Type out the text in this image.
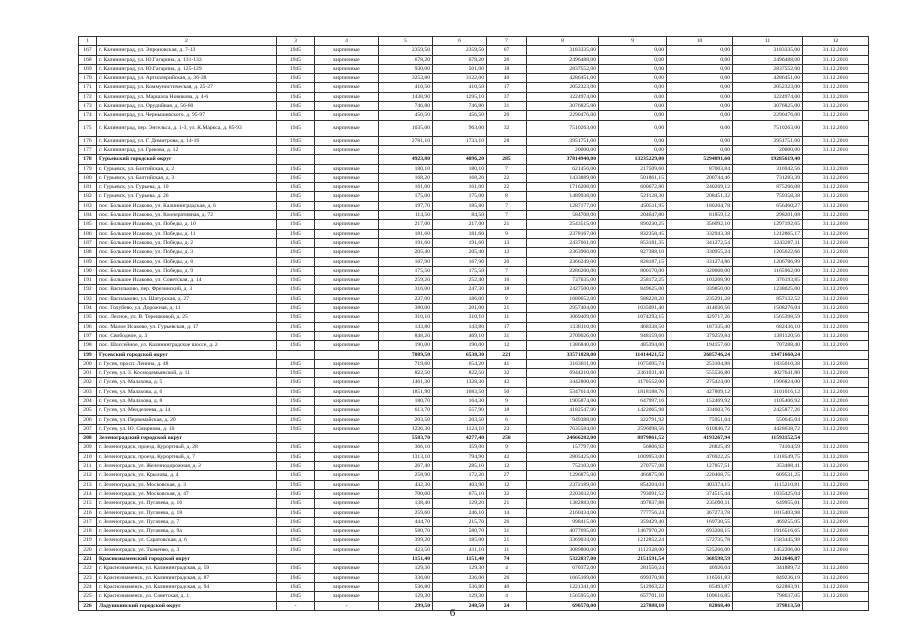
1	2	3	4	5	6	7	8	9	10	11	12
167	г. Калининград, ул. Эпроновская, д. 7-13	1945	кирпичные	2359,50	2359,50	67	3183335,00	0,00	0,00	3183335,00	31.12.2016
168	г. Калининград, ул. Ю.Гагарина, д. 131-133	1945	кирпичные	678,20	678,20	26	2496488,00	0,00	0,00	2496488,00	31.12.2016
169	г. Калининград, ул. Ю.Гагарина, д. 125-129	1945	кирпичные	930,00	501,00	18	2837552,00	0,00	0,00	2837552,00	31.12.2016
170	г. Калининград, ул. Артиллерийская, д. 36-38	1945	кирпичные	3253,80	3122,00	40	4286451,00	0,00	0,00	4286451,00	31.12.2016
171	г. Калининград, ул. Коммунистическая, д. 25-27	1945	кирпичные	410,50	410,50	17	2052323,00	0,00	0,00	2052323,00	31.12.2016
172	г. Калининград, ул. Маршала Новикова, д. 4-6	1945	кирпичные	1438,90	1295,10	37	3224974,00	0,00	0,00	3224974,00	31.12.2016
173	г. Калининград, ул. Орудийная, д. 56-60	1945	кирпичные	746,80	746,80	31	3076825,00	0,00	0,00	3076825,00	31.12.2016
174	г. Калининград, ул. Чернышевского, д. 95-97	1945	кирпичные	456,50	456,50	20	2290476,00	0,00	0,00	2290476,00	31.12.2016
175	г. Калининград, пер. Энгельса, д. 1-3, ул. К.Маркса, д. 85-93	1945	кирпичные	1035,00	963,00	32	7510263,00	0,00	0,00	7510263,00	31.12.2016
176	г. Калининград, ул. Г. Димитрова, д. 14-16	1945	кирпичные	2781,10	1733,10	28	3951751,00	0,00	0,00	3951751,00	31.12.2016
177	г. Калининград, ул. Грекова, д. 12	1945	кирпичные				20000,00	0,00	0,00	20000,00	31.12.2016
178	Гурьевский городской округ			4923,80	4096,20	285	37814940,00	13235229,00	5294091,60	19285619,40	
179	г. Гурьевск, ул. Балтийская, д. 2	1945	кирпичные	180,10	180,10	7	621456,00	217509,60	87003,84	316942,56	31.12.2016
180	г. Гурьевск, ул. Балтийская, д. 3	1945	кирпичные	168,20	168,20	22	1433889,00	501861,15	200744,46	731283,39	31.12.2016
181	г. Гурьевск, ул. Гурьева, д. 10	1945	кирпичные	161,00	161,00	22	1716208,00	600672,80	240269,12	875266,08	31.12.2016
182	г. Гурьевск, ул. Гурьева, д. 26	1945	кирпичные	175,00	175,00	8	1489938,00	521128,30	208451,32	759358,38	31.12.2016
183	пос. Большое Исаково, ул. Калининградская, д. 6	1945	кирпичные	197,70	185,80	7	1287177,00	450511,95	180204,78	656460,27	31.12.2016
184	пос. Большое Исаково, ул. Кооперативная, д. 72	1945	кирпичные	114,50	84,50	7	584708,00	204647,80	81859,12	298201,08	31.12.2016
185	пос. Большое Исаково, ул. Победы, д. 10	1945	кирпичные	217,00	217,00	21	2543515,00	890230,25	356092,10	1297192,65	31.12.2016
186	пос. Большое Исаково, ул. Победы, д. 11	1945	кирпичные	181,60	181,60	9	2378167,00	832358,45	332943,38	1212865,17	31.12.2016
187	пос. Большое Исаково, ул. Победы, д. 2	1945	кирпичные	191,60	191,60	13	2437661,00	853181,35	341272,54	1243207,11	31.12.2016
188	пос. Большое Исаково, ул. Победы, д. 3	1945	кирпичные	205,40	205,40	12	2363966,00	827388,10	330955,24	1205622,66	31.12.2016
189	пос. Большое Исаково, ул. Победы, д. 8	1945	кирпичные	167,90	167,90	20	2366249,00	828187,15	331274,86	1206786,99	31.12.2016
190	пос. Большое Исаково, ул. Победы, д. 9	1945	кирпичные	175,50	175,50	7	2286200,00	800170,00	320068,00	1165962,00	31.12.2016
191	пос. Большое Исаково, ул. Советская, д. 14	1945	кирпичные	259,20	252,40	16	737635,00	258172,25	103268,90	376193,85	31.12.2016
192	пос. Васильково, пер. Фрезинский, д. 3	1945	кирпичные	316,00	247,30	18	2427500,00	849625,00	339850,00	1238025,00	31.12.2016
193	пос. Васильково, ул. Шатурская, д. 27	1945	кирпичные	237,00	186,00	9	1680652,00	588228,20	235291,28	857132,52	31.12.2016
194	пос. Голубево, ул. Дорожная, д. 11	1945	кирпичные	380,00	201,00	21	2957404,00	1035091,40	414036,56	1508276,04	31.12.2016
195	пос. Лесное, ул. В. Терешковой, д. 25	1945	кирпичные	310,10	310,10	11	3069409,00	1074293,15	429717,26	1565398,59	31.12.2016
196	пос. Малое Исаково, ул. Гурьевская, д. 17	1945	кирпичные	143,80	143,80	17	1338110,00	468338,50	187335,40	682436,10	31.12.2016
197	пос. Свободное, д. 3	1945	кирпичные	848,20	469,10	31	2709026,00	948159,60	379259,84	1381120,56	31.12.2016
198	пос. Шоссейное, ул. Калининградское шоссе, д. 2	1945	кирпичные	190,00	190,00	12	1386840,00	485394,00	194157,60	707288,40	31.12.2016
199	Гусевский городской округ			7089,50	6538,30	221	33571828,00	11414421,52	2685746,24	19471660,24	
200	г. Гусев, просп. Ленина, д. 48	1945	кирпичные	719,60	654,20	41	3163811,00	1075695,74	253104,88	1835010,38	31.12.2016
201	г. Гусев, ул. 3. Космодемьянской, д. 11	1945	кирпичные	822,50	822,50	32	6944210,00	2361031,40	555536,80	4027641,80	31.12.2016
202	г. Гусев, ул. Малахова, д. 5	1945	кирпичные	1461,30	1328,30	42	3442800,00	1170552,00	275424,00	1996824,00	31.12.2016
203	г. Гусев, ул. Малахова, д. 6	1945	кирпичные	1851,90	1683,50	50	5347614,00	1818188,76	427809,12	3101616,12	31.12.2016
204	г. Гусев, ул. Малахова, д. 8	1945	кирпичные	180,70	164,30	9	1905874,00	647997,16	152469,92	1105406,92	31.12.2016
205	г. Гусев, ул. Менделеева, д. 14	1945	кирпичные	613,70	557,90	18	4182547,00	1422065,98	334603,76	2425877,26	31.12.2016
206	г. Гусев, ул. Первомайская, д. 20	1945	кирпичные	203,50	203,50	6	949388,00	322791,92	75951,04	550645,04	31.12.2016
207	г. Гусев, ул. Ю. Смирнова, д. 10	1945	кирпичные	1236,30	1124,10	23	7635584,00	2596098,56	610846,72	4428638,72	31.12.2016
208	Зеленоградский городской округ			5583,70	4277,40	258	24666282,00	8879861,52	4193267,94	11593152,54	
209	г. Зеленоградск, проезд. Курортный, д. 28	1945	кирпичные	366,10	359,00	9	157797,00	56806,92	26825,49	74164,59	31.12.2016
210	г. Зеленоградск, проезд. Курортный, д. 7	1945	кирпичные	1313,10	794,90	42	2805425,00	1009953,00	476922,25	1318549,75	31.12.2016
211	г. Зеленоградск, ул. Железнодорожная, д. 2	1945	кирпичные	267,40	285,10	12	752103,00	270757,08	127857,51	353488,41	31.12.2016
212	г. Зеленоградск, ул. Крылова, д. 4	1945	кирпичные	258,90	172,20	27	1296875,00	466875,00	220468,75	609531,25	31.12.2016
213	г. Зеленоградск, ул. Московская, д. 3	1945	кирпичные	432,30	403,90	12	2372189,00	854204,04	403374,15	1115210,81	31.12.2016
214	г. Зеленоградск, ул. Московская, д. 47	1945	кирпичные	700,00	675,10	32	2203032,00	793091,52	374515,44	1035425,04	31.12.2016
215	г. Зеленоградск, ул. Пугачева, д. 16	1945	кирпичные	138,40	129,20	21	1382883,00	497837,88	235090,11	649955,01	31.12.2016
216	г. Зеленоградск, ул. Пугачева, д. 18	1945	кирпичные	259,60	246,10	14	2160434,00	777756,24	367273,78	1015403,98	31.12.2016
217	г. Зеленоградск, ул. Пугачева, д. 7	1945	кирпичные	444,70	215,70	26	998415,00	359429,40	169730,55	469255,05	31.12.2016
218	г. Зеленоградск, ул. Пугачева, д. 9а	1945	кирпичные	580,70	580,70	31	4077695,00	1467970,20	693208,15	1916516,65	31.12.2016
219	г. Зеленоградск, ул. Саратовская, д. 6	1945	кирпичные	399,20	185,00	21	3369034,00	1212852,24	572735,78	1583445,98	31.12.2016
220	г. Зеленоградск, ул. Ткаченко, д. 3	1945	кирпичные	423,50	411,10	11	3089800,00	1112328,00	525266,00	1452206,00	31.12.2016
221	Краснознаменский городской округ			1151,40	1151,40	74	5322837,00	2151591,54	368598,59	2612646,87	
222	г. Краснознаменск, ул. Калининградская, д. 59	1945	кирпичные	129,30	129,30	4	670372,00	281556,24	46926,04	341889,72	31.12.2016
223	г. Краснознаменск, ул. Калининградская, д. 87	1945	кирпичные	336,00	336,00	26	1665169,00	699370,98	116561,83	849236,19	31.12.2016
224	г. Краснознаменск, ул. Калининградская, д. 94	1945	кирпичные	536,80	536,80	40	1221341,00	512963,22	85493,87	622883,91	31.12.2016
225	г. Краснознаменск, ул. Советская, д. 1	1945	кирпичные	129,30	129,30	4	1565955,00	657701,10	109616,85	798637,05	31.12.2016
226	Ладушкинский городской округ	-	-	299,50	248,50	24	690570,00	227888,10	82868,40	379813,50	
6
